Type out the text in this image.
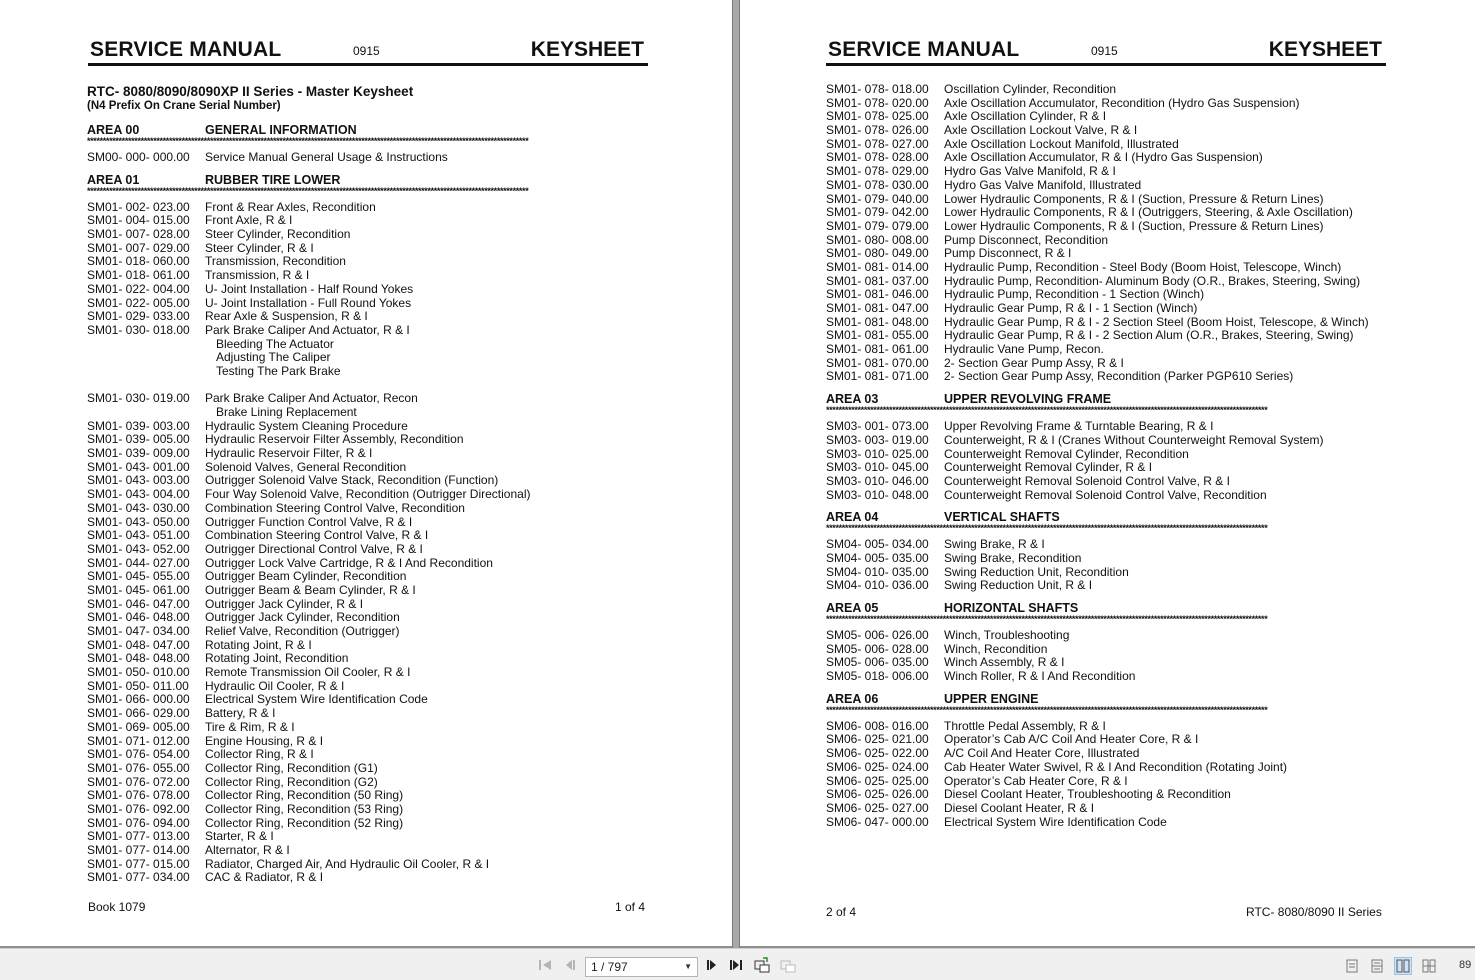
SERVICE MANUAL	0915	KEYSHEET
RTC- 8080/8090/8090XP II Series - Master Keysheet
(N4 Prefix On Crane Serial Number)
AREA 00	GENERAL INFORMATION
********************************************************************************************************************************************
SM00- 000- 000.00 Service Manual General Usage & Instructions
AREA 01	RUBBER TIRE LOWER
********************************************************************************************************************************************
SM01- 002- 023.00 Front & Rear Axles, Recondition
SM01- 004- 015.00 Front Axle, R & I
SM01- 007- 028.00 Steer Cylinder, Recondition
SM01- 007- 029.00 Steer Cylinder, R & I
SM01- 018- 060.00 Transmission, Recondition
SM01- 018- 061.00 Transmission, R & I
SM01- 022- 004.00 U- Joint Installation - Half Round Yokes
SM01- 022- 005.00 U- Joint Installation - Full Round Yokes
SM01- 029- 033.00 Rear Axle & Suspension, R & I
SM01- 030- 018.00 Park Brake Caliper And Actuator, R & I
Bleeding The Actuator
Adjusting The Caliper
Testing The Park Brake
SM01- 030- 019.00 Park Brake Caliper And Actuator, Recon
Brake Lining Replacement
SM01- 039- 003.00 Hydraulic System Cleaning Procedure
SM01- 039- 005.00 Hydraulic Reservoir Filter Assembly, Recondition
SM01- 039- 009.00 Hydraulic Reservoir Filter, R & I
SM01- 043- 001.00 Solenoid Valves, General Recondition
SM01- 043- 003.00 Outrigger Solenoid Valve Stack, Recondition (Function)
SM01- 043- 004.00 Four Way Solenoid Valve, Recondition (Outrigger Directional)
SM01- 043- 030.00 Combination Steering Control Valve, Recondition
SM01- 043- 050.00 Outrigger Function Control Valve, R & I
SM01- 043- 051.00 Combination Steering Control Valve, R & I
SM01- 043- 052.00 Outrigger Directional Control Valve, R & I
SM01- 044- 027.00 Outrigger Lock Valve Cartridge, R & I And Recondition
SM01- 045- 055.00 Outrigger Beam Cylinder, Recondition
SM01- 045- 061.00 Outrigger Beam & Beam Cylinder, R & I
SM01- 046- 047.00 Outrigger Jack Cylinder, R & I
SM01- 046- 048.00 Outrigger Jack Cylinder, Recondition
SM01- 047- 034.00 Relief Valve, Recondition (Outrigger)
SM01- 048- 047.00 Rotating Joint, R & I
SM01- 048- 048.00 Rotating Joint, Recondition
SM01- 050- 010.00 Remote Transmission Oil Cooler, R & I
SM01- 050- 011.00 Hydraulic Oil Cooler, R & I
SM01- 066- 000.00 Electrical System Wire Identification Code
SM01- 066- 029.00 Battery, R & I
SM01- 069- 005.00 Tire & Rim, R & I
SM01- 071- 012.00 Engine Housing, R & I
SM01- 076- 054.00 Collector Ring, R & I
SM01- 076- 055.00 Collector Ring, Recondition (G1)
SM01- 076- 072.00 Collector Ring, Recondition (G2)
SM01- 076- 078.00 Collector Ring, Recondition (50 Ring)
SM01- 076- 092.00 Collector Ring, Recondition (53 Ring)
SM01- 076- 094.00 Collector Ring, Recondition (52 Ring)
SM01- 077- 013.00 Starter, R & I
SM01- 077- 014.00 Alternator, R & I
SM01- 077- 015.00 Radiator, Charged Air, And Hydraulic Oil Cooler, R & I
SM01- 077- 034.00 CAC & Radiator, R & I
Book 1079	1 of 4
SERVICE MANUAL	0915	KEYSHEET
SM01- 078- 018.00 Oscillation Cylinder, Recondition
SM01- 078- 020.00 Axle Oscillation Accumulator, Recondition (Hydro Gas Suspension)
SM01- 078- 025.00 Axle Oscillation Cylinder, R & I
SM01- 078- 026.00 Axle Oscillation Lockout Valve, R & I
SM01- 078- 027.00 Axle Oscillation Lockout Manifold, Illustrated
SM01- 078- 028.00 Axle Oscillation Accumulator, R & I (Hydro Gas Suspension)
SM01- 078- 029.00 Hydro Gas Valve Manifold, R & I
SM01- 078- 030.00 Hydro Gas Valve Manifold, Illustrated
SM01- 079- 040.00 Lower Hydraulic Components, R & I (Suction, Pressure & Return Lines)
SM01- 079- 042.00 Lower Hydraulic Components, R & I (Outriggers, Steering, & Axle Oscillation)
SM01- 079- 079.00 Lower Hydraulic Components, R & I (Suction, Pressure & Return Lines)
SM01- 080- 008.00 Pump Disconnect, Recondition
SM01- 080- 049.00 Pump Disconnect, R & I
SM01- 081- 014.00 Hydraulic Pump, Recondition - Steel Body (Boom Hoist, Telescope, Winch)
SM01- 081- 037.00 Hydraulic Pump, Recondition- Aluminum Body (O.R., Brakes, Steering, Swing)
SM01- 081- 046.00 Hydraulic Pump, Recondition - 1 Section (Winch)
SM01- 081- 047.00 Hydraulic Gear Pump, R & I - 1 Section (Winch)
SM01- 081- 048.00 Hydraulic Gear Pump, R & I - 2 Section Steel (Boom Hoist, Telescope, & Winch)
SM01- 081- 055.00 Hydraulic Gear Pump, R & I - 2 Section Alum (O.R., Brakes, Steering, Swing)
SM01- 081- 061.00 Hydraulic Vane Pump, Recon.
SM01- 081- 070.00 2- Section Gear Pump Assy, R & I
SM01- 081- 071.00 2- Section Gear Pump Assy, Recondition (Parker PGP610 Series)
AREA 03	UPPER REVOLVING FRAME
********************************************************************************************************************************************
SM03- 001- 073.00 Upper Revolving Frame & Turntable Bearing, R & I
SM03- 003- 019.00 Counterweight, R & I (Cranes Without Counterweight Removal System)
SM03- 010- 025.00 Counterweight Removal Cylinder, Recondition
SM03- 010- 045.00 Counterweight Removal Cylinder, R & I
SM03- 010- 046.00 Counterweight Removal Solenoid Control Valve, R & I
SM03- 010- 048.00 Counterweight Removal Solenoid Control Valve, Recondition
AREA 04	VERTICAL SHAFTS
********************************************************************************************************************************************
SM04- 005- 034.00 Swing Brake, R & I
SM04- 005- 035.00 Swing Brake, Recondition
SM04- 010- 035.00 Swing Reduction Unit, Recondition
SM04- 010- 036.00 Swing Reduction Unit, R & I
AREA 05	HORIZONTAL SHAFTS
********************************************************************************************************************************************
SM05- 006- 026.00 Winch, Troubleshooting
SM05- 006- 028.00 Winch, Recondition
SM05- 006- 035.00 Winch Assembly, R & I
SM05- 018- 006.00 Winch Roller, R & I And Recondition
AREA 06	UPPER ENGINE
********************************************************************************************************************************************
SM06- 008- 016.00 Throttle Pedal Assembly, R & I
SM06- 025- 021.00 Operator’s Cab A/C Coil And Heater Core, R & I
SM06- 025- 022.00 A/C Coil And Heater Core, Illustrated
SM06- 025- 024.00 Cab Heater Water Swivel, R & I And Recondition (Rotating Joint)
SM06- 025- 025.00 Operator’s Cab Heater Core, R & I
SM06- 025- 026.00 Diesel Coolant Heater, Troubleshooting & Recondition
SM06- 025- 027.00 Diesel Coolant Heater, R & I
SM06- 047- 000.00 Electrical System Wire Identification Code
2 of 4	RTC- 8080/8090 II Series
1 / 797	▼	89
